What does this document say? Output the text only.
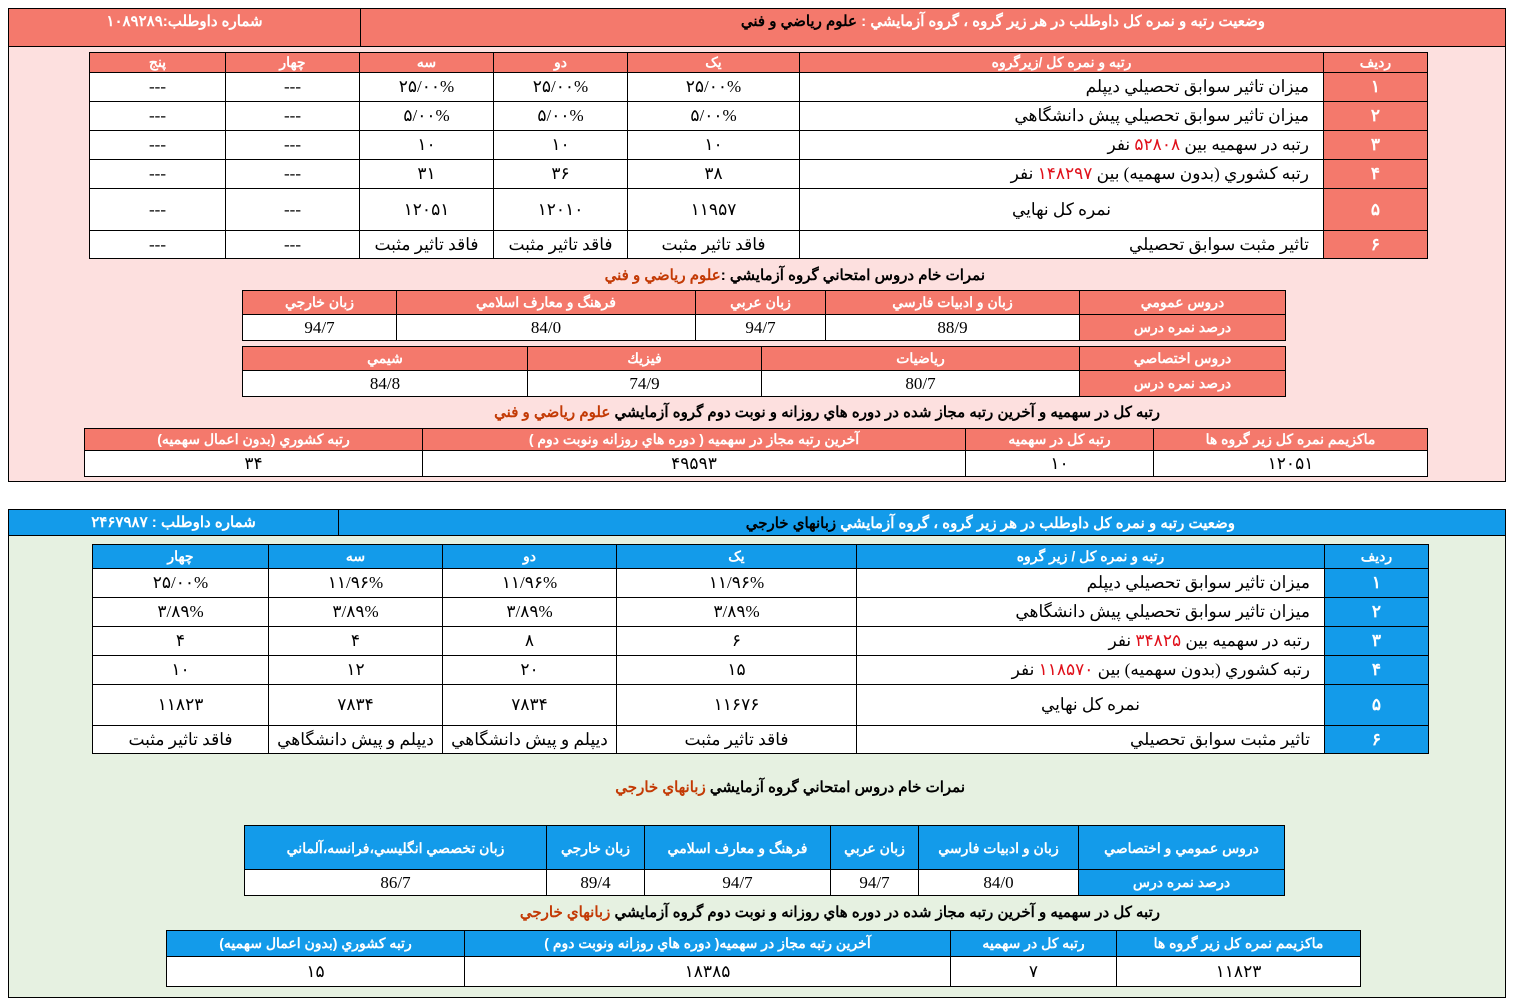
وضعیت رتبه و نمره کل داوطلب در هر زیر گروه ، گروه آزمایشي : علوم رياضي و فني
شماره داوطلب:۱۰۸۹۲۸۹
ردیف	رتبه و نمره کل /زیرگروه	یک	دو	سه	چهار	پنج
۱	میزان تاثیر سوابق تحصیلي دیپلم	۲۵/۰۰%	۲۵/۰۰%	۲۵/۰۰%	---	---
۲	میزان تاثیر سوابق تحصیلي پیش دانشگاهي	۵/۰۰%	۵/۰۰%	۵/۰۰%	---	---
۳	رتبه در سهمیه بین ۵۲۸۰۸ نفر	۱۰	۱۰	۱۰	---	---
۴	رتبه کشوري (بدون سهمیه) بین ۱۴۸۲۹۷ نفر	۳۸	۳۶	۳۱	---	---
۵	نمره کل نهايي	۱۱۹۵۷	۱۲۰۱۰	۱۲۰۵۱	---	---
۶	تاثیر مثبت سوابق تحصیلي	فاقد تاثیر مثبت	فاقد تاثیر مثبت	فاقد تاثیر مثبت	---	---
نمرات خام دروس امتحاني گروه آزمايشي :علوم رياضي و فني
دروس عمومي	زبان و ادبيات فارسي	زبان عربي	فرهنگ و معارف اسلامي	زبان خارجي
درصد نمره درس	88/9	94/7	84/0	94/7
دروس اختصاصي	رياضيات	فيزيك	شيمي
درصد نمره درس	80/7	74/9	84/8
رتبه کل در سهمیه و آخرین رتبه مجاز شده در دوره هاي روزانه و نوبت دوم گروه آزمايشي علوم رياضي و فني
ماکزیمم نمره کل زیر گروه ها	رتبه کل در سهمیه	آخرین رتبه مجاز در سهمیه ( دوره هاي روزانه ونوبت دوم )	رتبه کشوري (بدون اعمال سهمیه)
۱۲۰۵۱	۱۰	۴۹۵۹۳	۳۴
وضعیت رتبه و نمره کل داوطلب در هر زیر گروه ، گروه آزمايشي زبانهاي خارجي
شماره داوطلب : ۲۴۶۷۹۸۷
ردیف	رتبه و نمره کل / زیر گروه	یک	دو	سه	چهار
۱	میزان تاثیر سوابق تحصیلي دیپلم	۱۱/۹۶%	۱۱/۹۶%	۱۱/۹۶%	۲۵/۰۰%
۲	میزان تاثیر سوابق تحصیلي پیش دانشگاهي	۳/۸۹%	۳/۸۹%	۳/۸۹%	۳/۸۹%
۳	رتبه در سهمیه بین ۳۴۸۲۵ نفر	۶	۸	۴	۴
۴	رتبه کشوري (بدون سهمیه) بین ۱۱۸۵۷۰ نفر	۱۵	۲۰	۱۲	۱۰
۵	نمره کل نهايي	۱۱۶۷۶	۷۸۳۴	۷۸۳۴	۱۱۸۲۳
۶	تاثیر مثبت سوابق تحصیلي	فاقد تاثیر مثبت	دیپلم و پیش دانشگاهي	دیپلم و پیش دانشگاهي	فاقد تاثیر مثبت
نمرات خام دروس امتحاني گروه آزمايشي زبانهاي خارجي
دروس عمومي و اختصاصي	زبان و ادبيات فارسي	زبان عربي	فرهنگ و معارف اسلامي	زبان خارجي	زبان تخصصي انگليسي،فرانسه،آلماني
درصد نمره درس	84/0	94/7	94/7	89/4	86/7
رتبه کل در سهمیه و آخرین رتبه مجاز شده در دوره هاي روزانه و نوبت دوم گروه آزمايشي زبانهاي خارجي
ماکزیمم نمره کل زیر گروه ها	رتبه کل در سهمیه	آخرین رتبه مجاز در سهمیه( دوره هاي روزانه ونوبت دوم )	رتبه کشوري (بدون اعمال سهمیه)
۱۱۸۲۳	۷	۱۸۳۸۵	۱۵
